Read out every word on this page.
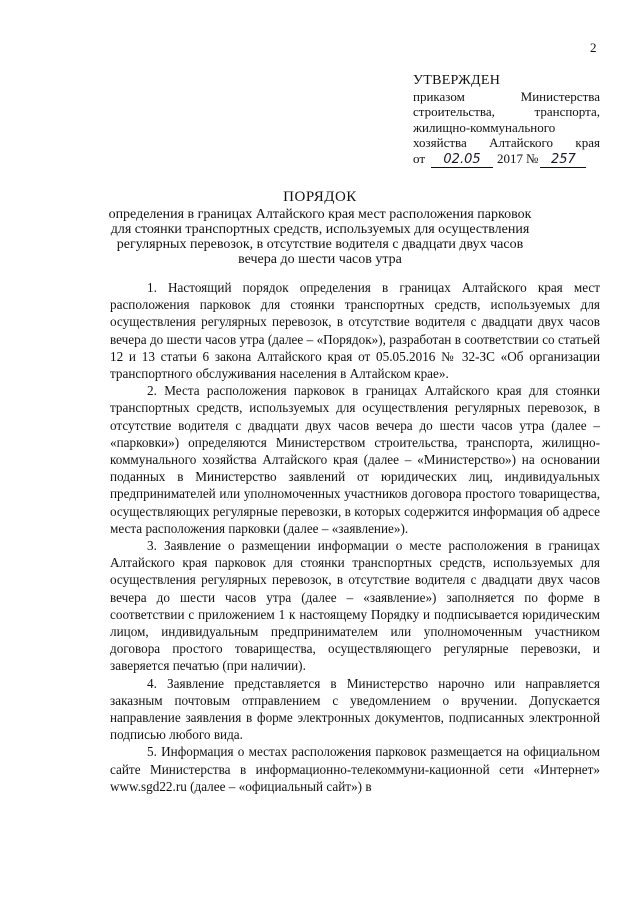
2
УТВЕРЖДЕН
приказом Министерства
строительства, транспорта,
жилищно-коммунального
хозяйства Алтайского края
от	02.05	2017 № 257
ПОРЯДОК
определения в границах Алтайского края мест расположения парковок для стоянки транспортных средств, используемых для осуществления регулярных перевозок, в отсутствие водителя с двадцати двух часов вечера до шести часов утра

1. Настоящий порядок определения в границах Алтайского края мест расположения парковок для стоянки транспортных средств, используемых для осуществления регулярных перевозок, в отсутствие водителя с двадцати двух часов вечера до шести часов утра (далее – «Порядок»), разработан в соответствии со статьей 12 и 13 статьи 6 закона Алтайского края от 05.05.2016 № 32-ЗС «Об организации транспортного обслуживания населения в Алтайском крае».

2. Места расположения парковок в границах Алтайского края для стоянки транспортных средств, используемых для осуществления регулярных перевозок, в отсутствие водителя с двадцати двух часов вечера до шести часов утра (далее – «парковки») определяются Министерством строительства, транспорта, жилищно-коммунального хозяйства Алтайского края (далее – «Министерство») на основании поданных в Министерство заявлений от юридических лиц, индивидуальных предпринимателей или уполномоченных участников договора простого товарищества, осуществляющих регулярные перевозки, в которых содержится информация об адресе места расположения парковки (далее – «заявление»).

3. Заявление о размещении информации о месте расположения в границах Алтайского края парковок для стоянки транспортных средств, используемых для осуществления регулярных перевозок, в отсутствие водителя с двадцати двух часов вечера до шести часов утра (далее – «заявление») заполняется по форме в соответствии с приложением 1 к настоящему Порядку и подписывается юридическим лицом, индивидуальным предпринимателем или уполномоченным участником договора простого товарищества, осуществляющего регулярные перевозки, и заверяется печатью (при наличии).

4. Заявление представляется в Министерство нарочно или направляется заказным почтовым отправлением с уведомлением о вручении. Допускается направление заявления в форме электронных документов, подписанных электронной подписью любого вида.

5. Информация о местах расположения парковок размещается на официальном сайте Министерства в информационно-телекоммуни-кационной сети «Интернет» www.sgd22.ru (далее – «официальный сайт») в
